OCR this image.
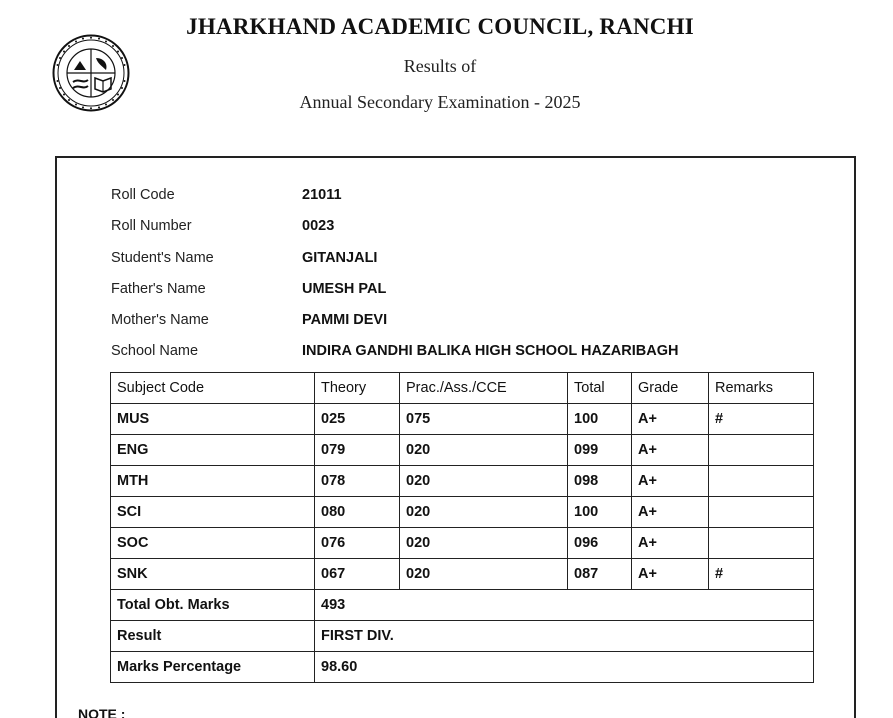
JHARKHAND ACADEMIC COUNCIL, RANCHI
Results of
Annual Secondary Examination - 2025
Roll Code	21011
Roll Number	0023
Student's Name	GITANJALI
Father's Name	UMESH PAL
Mother's Name	PAMMI DEVI
School Name	INDIRA GANDHI BALIKA HIGH SCHOOL HAZARIBAGH
Subject Code	Theory	Prac./Ass./CCE	Total	Grade	Remarks
MUS	025	075	100	A+	#
ENG	079	020	099	A+	
MTH	078	020	098	A+	
SCI	080	020	100	A+	
SOC	076	020	096	A+	
SNK	067	020	087	A+	#
Total Obt. Marks	493				
Result	FIRST DIV.				
Marks Percentage	98.60				
NOTE :
